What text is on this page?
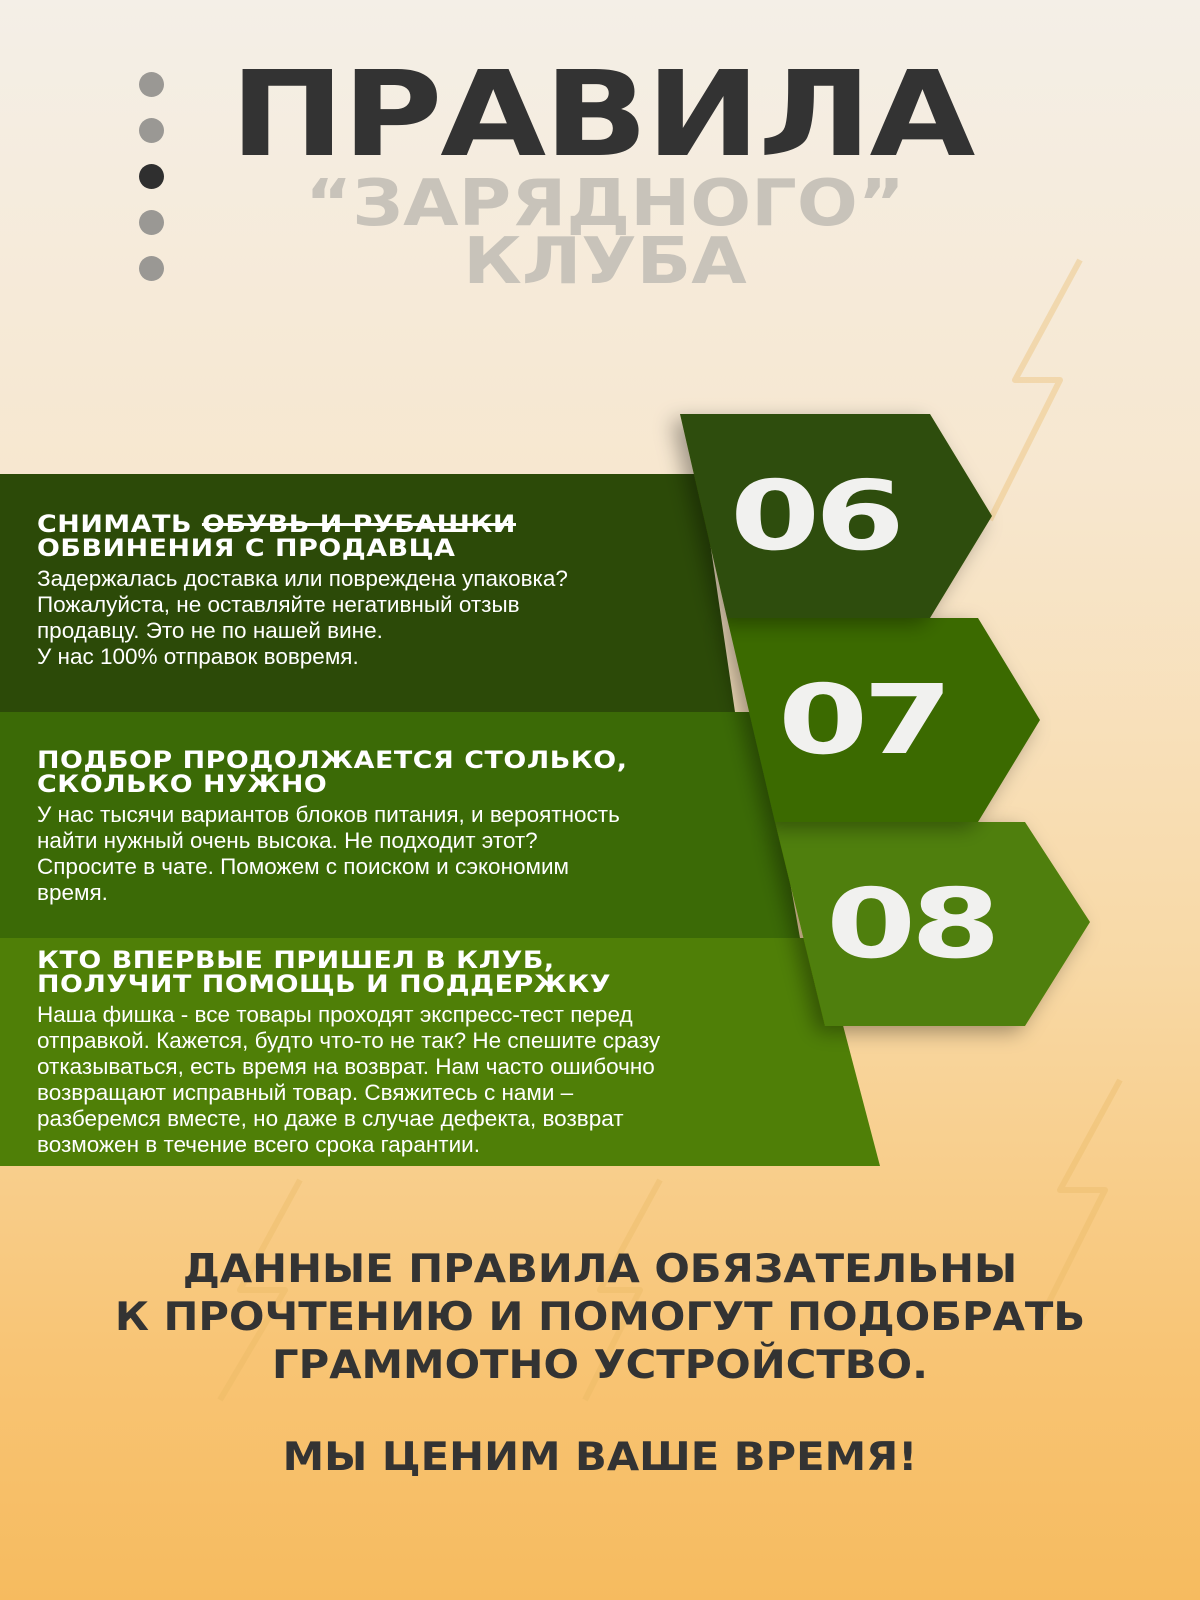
ПРАВИЛА
“ЗАРЯДНОГО”
КЛУБА
06
07
08
СНИМАТЬ ОБУВЬ И РУБАШКИ
ОБВИНЕНИЯ С ПРОДАВЦА
Задержалась доставка или повреждена упаковка?
Пожалуйста, не оставляйте негативный отзыв
продавцу. Это не по нашей вине.
У нас 100% отправок вовремя.
ПОДБОР ПРОДОЛЖАЕТСЯ СТОЛЬКО,
СКОЛЬКО НУЖНО
У нас тысячи вариантов блоков питания, и вероятность
найти нужный очень высока. Не подходит этот?
Спросите в чате. Поможем с поиском и сэкономим
время.
КТО ВПЕРВЫЕ ПРИШЕЛ В КЛУБ,
ПОЛУЧИТ ПОМОЩЬ И ПОДДЕРЖКУ
Наша фишка - все товары проходят экспресс-тест перед
отправкой. Кажется, будто что-то не так? Не спешите сразу
отказываться, есть время на возврат. Нам часто ошибочно
возвращают исправный товар. Свяжитесь с нами –
разберемся вместе, но даже в случае дефекта, возврат
возможен в течение всего срока гарантии.
ДАННЫЕ ПРАВИЛА ОБЯЗАТЕЛЬНЫ
К ПРОЧТЕНИЮ И ПОМОГУТ ПОДОБРАТЬ
ГРАММОТНО УСТРОЙСТВО.
МЫ ЦЕНИМ ВАШЕ ВРЕМЯ!
